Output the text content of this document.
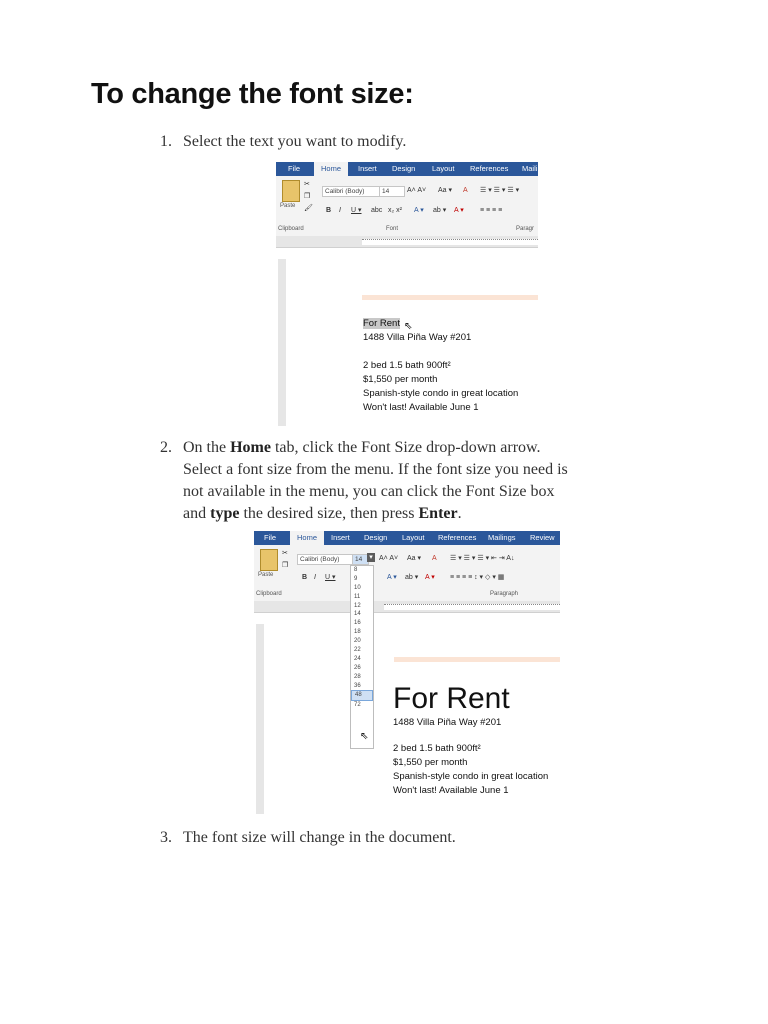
To change the font size:
1. Select the text you want to modify.
File	Home	Insert Design Layout References Maili
Paste
✂
❐
🖌
Calibri (Body)	14	A˄ A˅ Aa ▾ A ☰ ▾ ☰ ▾ ☰ ▾
B I U ▾ abc x₂ x² A ▾ ab ▾ A ▾ ≡ ≡ ≡ ≡
Clipboard	Font	Paragr
For Rent
1488 Villa Piña Way #201
2 bed 1.5 bath 900ft²
$1,550 per month
Spanish-style condo in great location
Won't last! Available June 1
⇖
2. On the Home tab, click the Font Size drop-down arrow.
Select a font size from the menu. If the font size you need is
not available in the menu, you can click the Font Size box
and type the desired size, then press Enter.
File	Home	Insert Design Layout References Mailings Review
Paste
✂
❐
Calibri (Body)	14	▾ A˄ A˅ Aa ▾ A ☰ ▾ ☰ ▾ ☰ ▾ ⇤ ⇥ A↓
B I U ▾	A ▾ ab ▾ A ▾ ≡ ≡ ≡ ≡ ↕ ▾ ◇ ▾ ▦
Clipboard	Paragraph
For Rent
1488 Villa Piña Way #201
2 bed 1.5 bath 900ft²
$1,550 per month
Spanish-style condo in great location
Won't last! Available June 1
8
9
10
11
12
14
16
18
20
22
24
26
28
36
48
72
⇖
3. The font size will change in the document.
